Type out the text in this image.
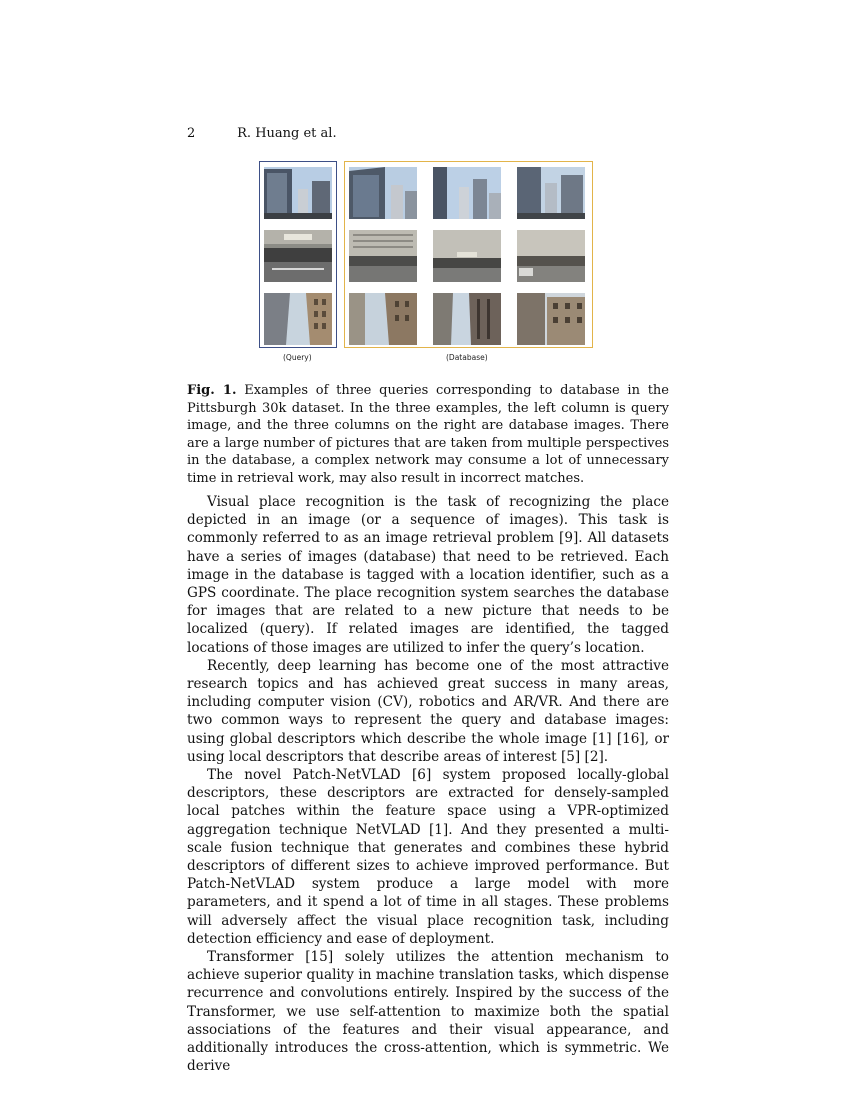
2	R. Huang et al.
(Query)	(Database)
Fig. 1. Examples of three queries corresponding to database in the Pittsburgh 30k dataset. In the three examples, the left column is query image, and the three columns on the right are database images. There are a large number of pictures that are taken from multiple perspectives in the database, a complex network may consume a lot of unnecessary time in retrieval work, may also result in incorrect matches.

Visual place recognition is the task of recognizing the place depicted in an image (or a sequence of images). This task is commonly referred to as an image retrieval problem [9]. All datasets have a series of images (database) that need to be retrieved. Each image in the database is tagged with a location identifier, such as a GPS coordinate. The place recognition system searches the database for images that are related to a new picture that needs to be localized (query). If related images are identified, the tagged locations of those images are utilized to infer the query’s location.

Recently, deep learning has become one of the most attractive research topics and has achieved great success in many areas, including computer vision (CV), robotics and AR/VR. And there are two common ways to represent the query and database images: using global descriptors which describe the whole image [1] [16], or using local descriptors that describe areas of interest [5] [2].

The novel Patch-NetVLAD [6] system proposed locally-global descriptors, these descriptors are extracted for densely-sampled local patches within the feature space using a VPR-optimized aggregation technique NetVLAD [1]. And they presented a multi-scale fusion technique that generates and combines these hybrid descriptors of different sizes to achieve improved performance. But Patch-NetVLAD system produce a large model with more parameters, and it spend a lot of time in all stages. These problems will adversely affect the visual place recognition task, including detection efficiency and ease of deployment.

Transformer [15] solely utilizes the attention mechanism to achieve superior quality in machine translation tasks, which dispense recurrence and convolutions entirely. Inspired by the success of the Transformer, we use self-attention to maximize both the spatial associations of the features and their visual appearance, and additionally introduces the cross-attention, which is symmetric. We derive
